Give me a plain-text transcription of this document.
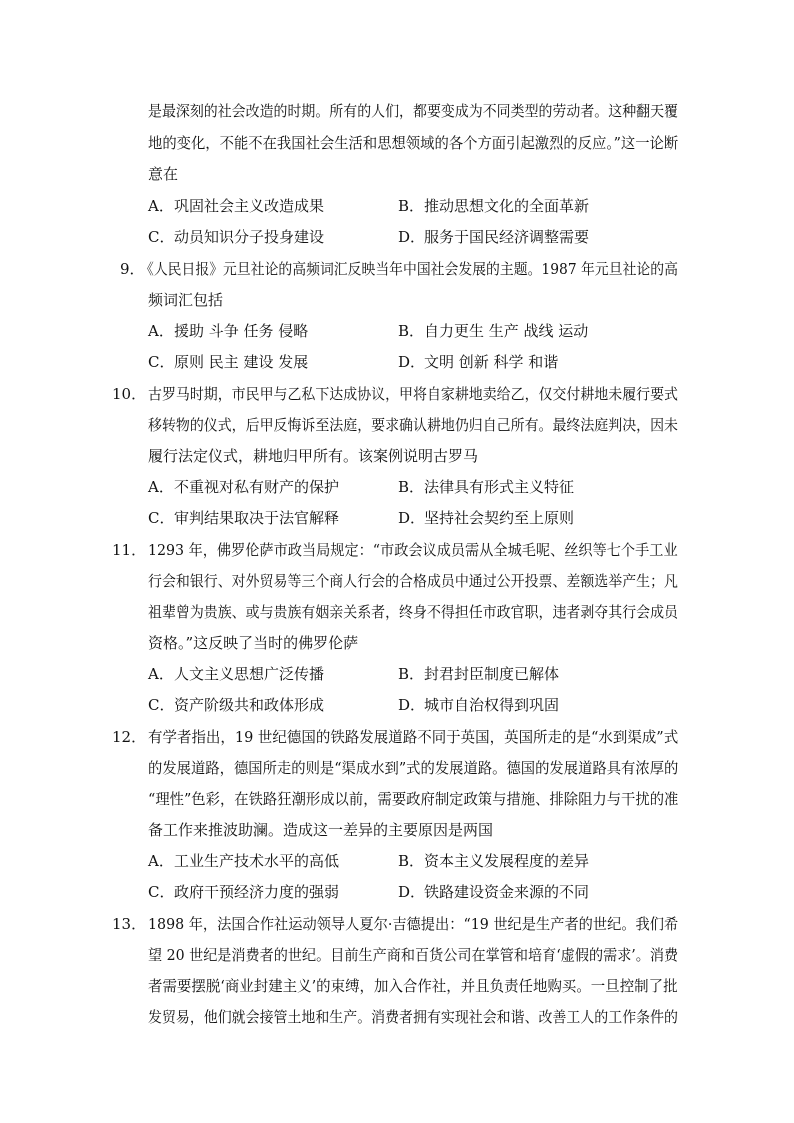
是最深刻的社会改造的时期。所有的人们，都要变成为不同类型的劳动者。这种翻天覆
地的变化，不能不在我国社会生活和思想领域的各个方面引起激烈的反应。”这一论断
意在
A．巩固社会主义改造成果	B．推动思想文化的全面革新
C．动员知识分子投身建设	D．服务于国民经济调整需要
9．
《人民日报》元旦社论的高频词汇反映当年中国社会发展的主题。1987 年元旦社论的高
频词汇包括
A．援助 斗争 任务 侵略	B．自力更生 生产 战线 运动
C．原则 民主 建设 发展	D．文明 创新 科学 和谐
10． 古罗马时期，市民甲与乙私下达成协议，甲将自家耕地卖给乙，仅交付耕地未履行要式
移转物的仪式，后甲反悔诉至法庭，要求确认耕地仍归自己所有。最终法庭判决，因未
履行法定仪式，耕地归甲所有。该案例说明古罗马
A．不重视对私有财产的保护	B．法律具有形式主义特征
C．审判结果取决于法官解释	D．坚持社会契约至上原则
11． 1293 年，佛罗伦萨市政当局规定：“市政会议成员需从全城毛呢、丝织等七个手工业
行会和银行、对外贸易等三个商人行会的合格成员中通过公开投票、差额选举产生；凡
祖辈曾为贵族、或与贵族有姻亲关系者，终身不得担任市政官职，违者剥夺其行会成员
资格。”这反映了当时的佛罗伦萨
A．人文主义思想广泛传播	B．封君封臣制度已解体
C．资产阶级共和政体形成	D．城市自治权得到巩固
12． 有学者指出，19 世纪德国的铁路发展道路不同于英国，英国所走的是“水到渠成”式
的发展道路，德国所走的则是“渠成水到”式的发展道路。德国的发展道路具有浓厚的
“理性”色彩，在铁路狂潮形成以前，需要政府制定政策与措施、排除阻力与干扰的准
备工作来推波助澜。造成这一差异的主要原因是两国
A．工业生产技术水平的高低	B．资本主义发展程度的差异
C．政府干预经济力度的强弱	D．铁路建设资金来源的不同
13． 1898 年，法国合作社运动领导人夏尔·吉德提出：“19 世纪是生产者的世纪。我们希
望 20 世纪是消费者的世纪。目前生产商和百货公司在掌管和培育‘虚假的需求’。消费
者需要摆脱‘商业封建主义’的束缚，加入合作社，并且负责任地购买。一旦控制了批
发贸易，他们就会接管土地和生产。消费者拥有实现社会和谐、改善工人的工作条件的
